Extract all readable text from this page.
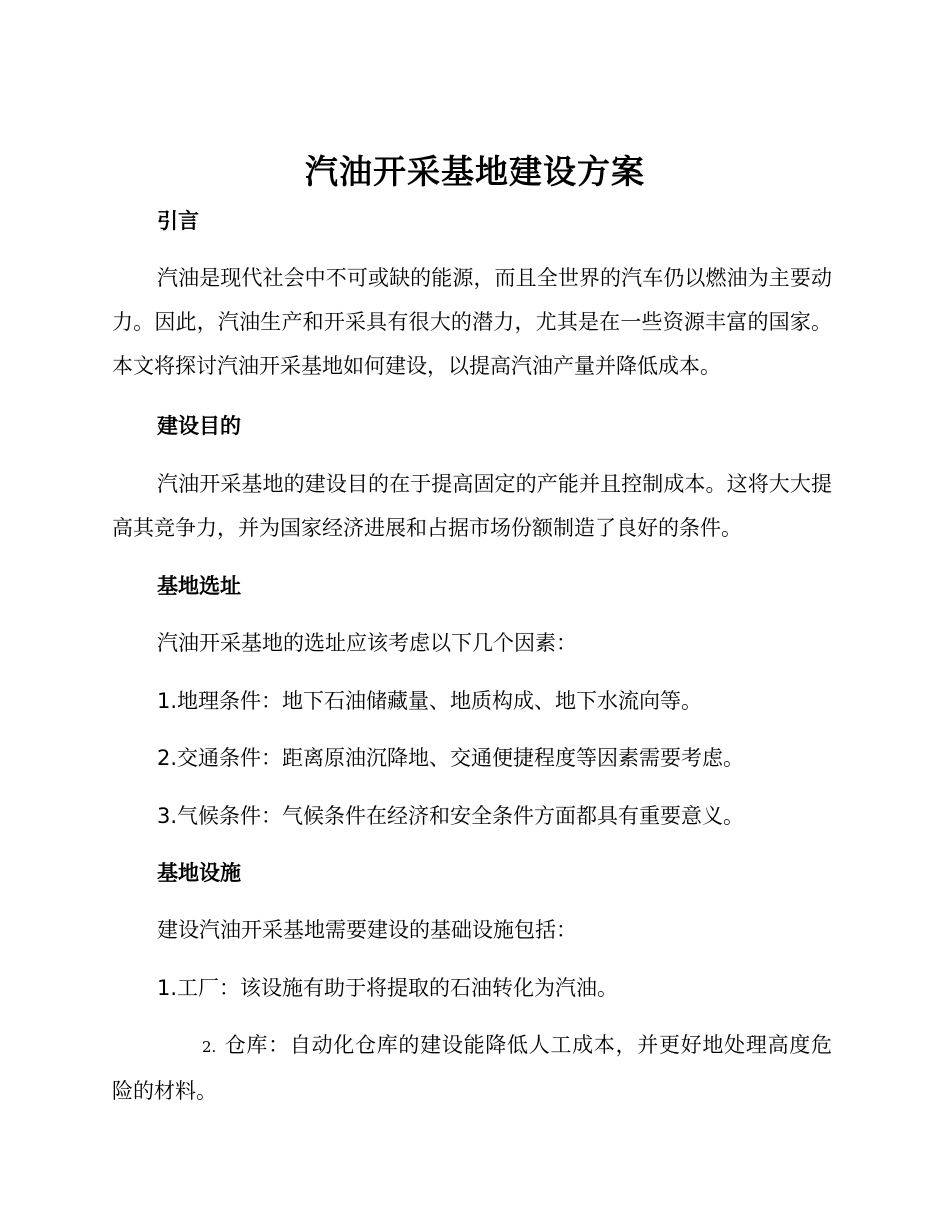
汽油开采基地建设方案
引言

汽油是现代社会中不可或缺的能源，而且全世界的汽车仍以燃油为主要动力。因此，汽油生产和开采具有很大的潜力，尤其是在一些资源丰富的国家。本文将探讨汽油开采基地如何建设，以提高汽油产量并降低成本。

建设目的

汽油开采基地的建设目的在于提高固定的产能并且控制成本。这将大大提高其竞争力，并为国家经济进展和占据市场份额制造了良好的条件。

基地选址
汽油开采基地的选址应该考虑以下几个因素：
1.地理条件：地下石油储藏量、地质构成、地下水流向等。
2.交通条件：距离原油沉降地、交通便捷程度等因素需要考虑。
3.气候条件：气候条件在经济和安全条件方面都具有重要意义。
基地设施
建设汽油开采基地需要建设的基础设施包括：
1.工厂：该设施有助于将提取的石油转化为汽油。

2. 仓库：自动化仓库的建设能降低人工成本，并更好地处理高度危险的材料。
